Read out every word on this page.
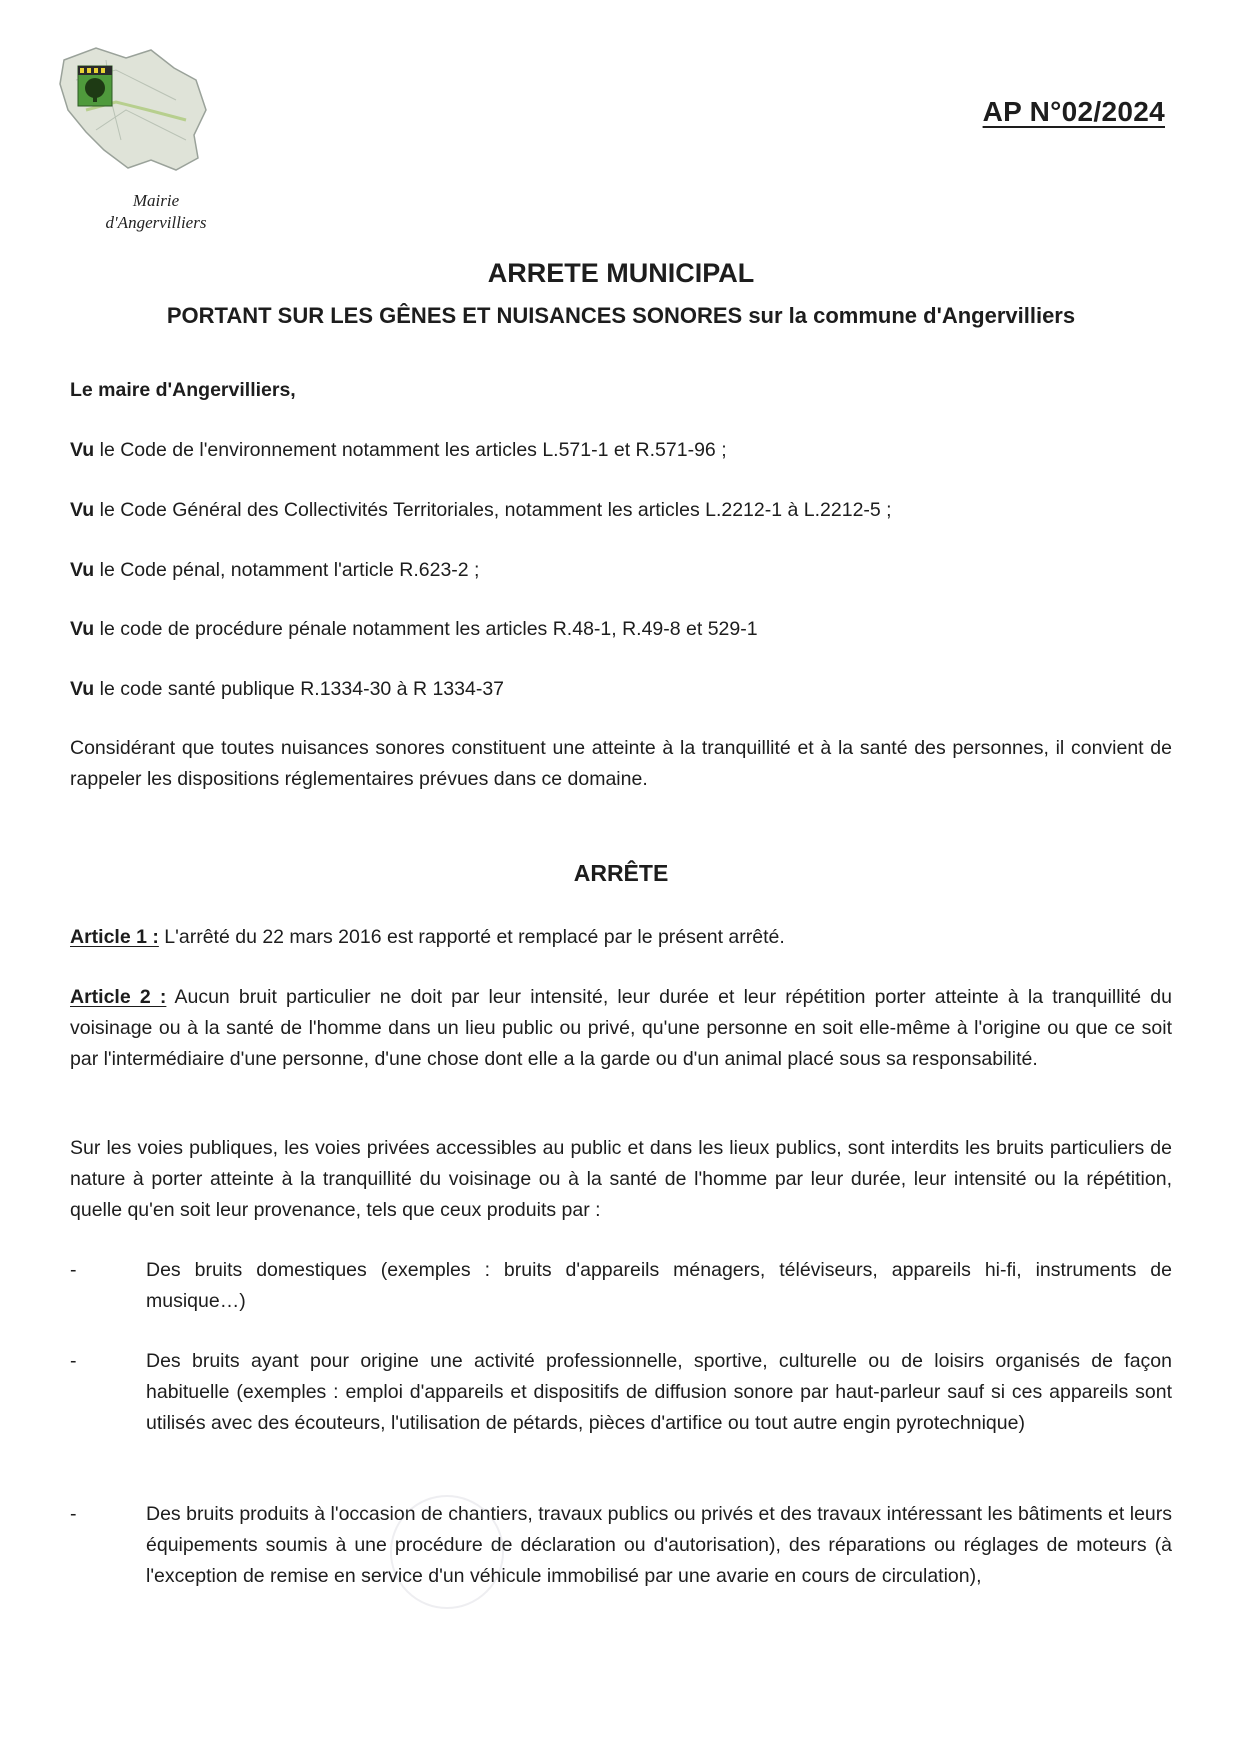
Mairie
d'Angervilliers
AP N°02/2024
ARRETE MUNICIPAL
PORTANT SUR LES GÊNES ET NUISANCES SONORES sur la commune d'Angervilliers
Le maire d'Angervilliers,
Vu le Code de l'environnement notamment les articles L.571-1 et R.571-96 ;
Vu le Code Général des Collectivités Territoriales, notamment les articles L.2212-1 à L.2212-5 ;
Vu le Code pénal, notamment l'article R.623-2 ;
Vu le code de procédure pénale notamment les articles R.48-1, R.49-8 et 529-1
Vu le code santé publique R.1334-30 à R 1334-37
Considérant que toutes nuisances sonores constituent une atteinte à la tranquillité et à la santé des personnes, il convient de rappeler les dispositions réglementaires prévues dans ce domaine.
ARRÊTE
Article 1 : L'arrêté du 22 mars 2016 est rapporté et remplacé par le présent arrêté.
Article 2 : Aucun bruit particulier ne doit par leur intensité, leur durée et leur répétition porter atteinte à la tranquillité du voisinage ou à la santé de l'homme dans un lieu public ou privé, qu'une personne en soit elle-même à l'origine ou que ce soit par l'intermédiaire d'une personne, d'une chose dont elle a la garde ou d'un animal placé sous sa responsabilité.
Sur les voies publiques, les voies privées accessibles au public et dans les lieux publics, sont interdits les bruits particuliers de nature à porter atteinte à la tranquillité du voisinage ou à la santé de l'homme par leur durée, leur intensité ou la répétition, quelle qu'en soit leur provenance, tels que ceux produits par :
-	Des bruits domestiques (exemples : bruits d'appareils ménagers, téléviseurs, appareils hi-fi, instruments de musique…)
-	Des bruits ayant pour origine une activité professionnelle, sportive, culturelle ou de loisirs organisés de façon habituelle (exemples : emploi d'appareils et dispositifs de diffusion sonore par haut-parleur sauf si ces appareils sont utilisés avec des écouteurs, l'utilisation de pétards, pièces d'artifice ou tout autre engin pyrotechnique)
-	Des bruits produits à l'occasion de chantiers, travaux publics ou privés et des travaux intéressant les bâtiments et leurs équipements soumis à une procédure de déclaration ou d'autorisation), des réparations ou réglages de moteurs (à l'exception de remise en service d'un véhicule immobilisé par une avarie en cours de circulation),
